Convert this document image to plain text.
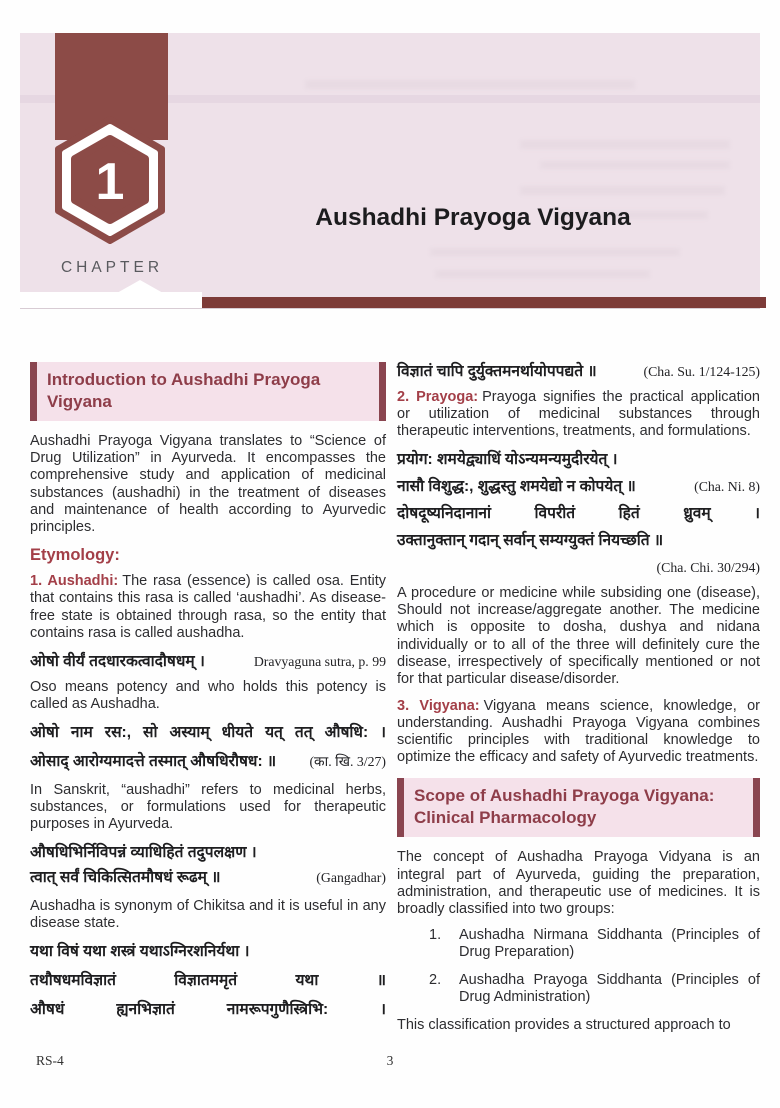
1
CHAPTER
Aushadhi Prayoga Vigyana
Introduction to Aushadhi Prayoga Vigyana

Aushadhi Prayoga Vigyana translates to “Science of Drug Utilization” in Ayurveda. It encompasses the comprehensive study and application of medicinal substances (aushadhi) in the treatment of diseases and maintenance of health according to Ayurvedic principles.

Etymology:

1. Aushadhi: The rasa (essence) is called osa. Entity that contains this rasa is called ‘aushadhi’. As disease-free state is obtained through rasa, so the entity that contains rasa is called aushadha.

ओषो वीर्यं तदधारकत्वादौषधम् ।	Dravyaguna sutra, p. 99

Oso means potency and who holds this potency is called as Aushadha.

ओषो नाम रस:, सो अस्याम् धीयते यत् तत् औषधि: ।
ओसाद् आरोग्यमादत्ते तस्मात् औषधिरौषध: ॥ (का. खि. 3/27)

In Sanskrit, “aushadhi” refers to medicinal herbs, substances, or formulations used for therapeutic purposes in Ayurveda.

औषधिभिर्निविपन्नं व्याधिहितं तदुपलक्षण ।
त्वात् सर्वं चिकित्सितमौषधं रूढम् ॥	(Gangadhar)

Aushadha is synonym of Chikitsa and it is useful in any disease state.

यथा विषं यथा शस्त्रं यथाऽग्निरशनिर्यथा ।
तथौषधमविज्ञातं विज्ञातममृतं यथा ॥
औषधं ह्यनभिज्ञातं नामरूपगुणैस्त्रिभि: ।
विज्ञातं चापि दुर्युक्तमनर्थायोपपद्यते ॥	(Cha. Su. 1/124-125)

2. Prayoga: Prayoga signifies the practical application or utilization of medicinal substances through therapeutic interventions, treatments, and formulations.

प्रयोग: शमयेद्व्याधिं योऽन्यमन्यमुदीरयेत् ।
नासौ विशुद्ध:, शुद्धस्तु शमयेद्यो न कोपयेत् ॥	(Cha. Ni. 8)
दोषदूष्यनिदानानां विपरीतं हितं ध्रुवम् ।
उक्तानुक्तान् गदान् सर्वान् सम्यग्युक्तं नियच्छति ॥
(Cha. Chi. 30/294)

A procedure or medicine while subsiding one (disease), Should not increase/aggregate another. The medicine which is opposite to dosha, dushya and nidana individually or to all of the three will definitely cure the disease, irrespectively of specifically mentioned or not for that particular disease/disorder.

3. Vigyana: Vigyana means science, knowledge, or understanding. Aushadhi Prayoga Vigyana combines scientific principles with traditional knowledge to optimize the efficacy and safety of Ayurvedic treatments.

Scope of Aushadhi Prayoga Vigyana: Clinical Pharmacology

The concept of Aushadha Prayoga Vidyana is an integral part of Ayurveda, guiding the preparation, administration, and therapeutic use of medicines. It is broadly classified into two groups:

1. Aushadha Nirmana Siddhanta (Principles of Drug Preparation)
2. Aushadha Prayoga Siddhanta (Principles of Drug Administration)

This classification provides a structured approach to

RS-4	3
